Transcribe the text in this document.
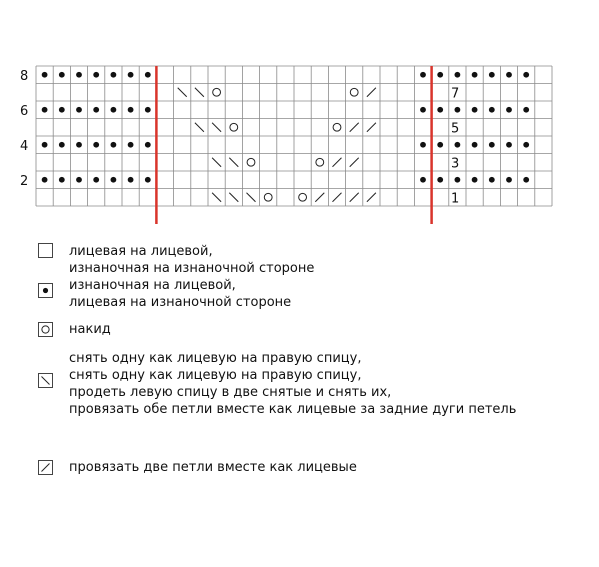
8
6
4
2
7
5
3
1
лицевая на лицевой,
изнаночная на изнаночной стороне
изнаночная на лицевой,
лицевая на изнаночной стороне
накид
снять одну как лицевую на правую спицу,
снять одну как лицевую на правую спицу,
продеть левую спицу в две снятые и снять их,
провязать обе петли вместе как лицевые за задние дуги петель
провязать две петли вместе как лицевые
